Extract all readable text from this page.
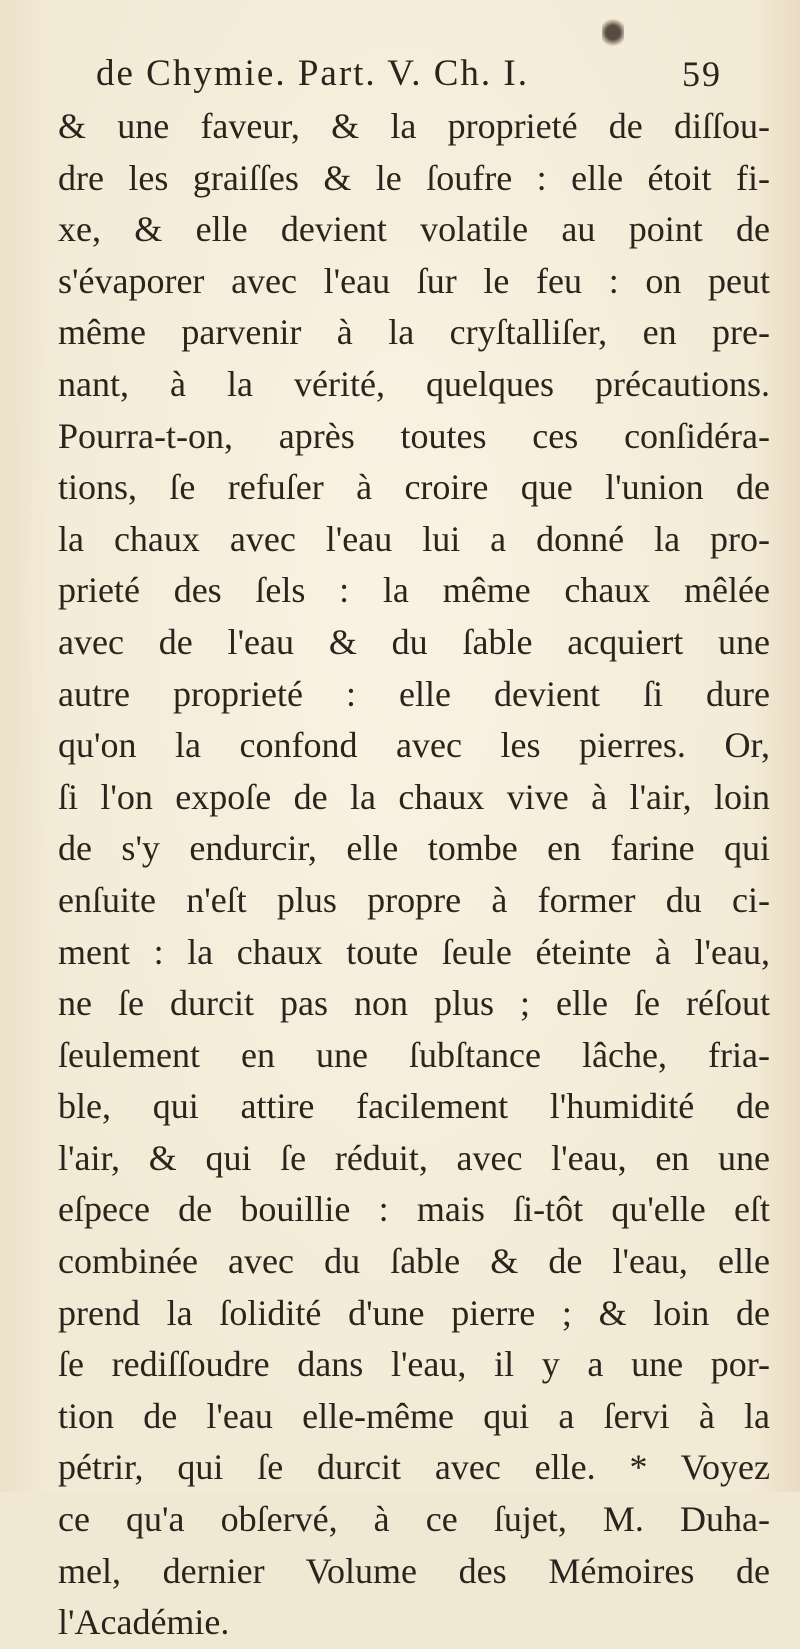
de Chymie. Part. V. Ch. I.	59
& une faveur, & la proprieté de diſſou-
dre les graiſſes & le ſoufre : elle étoit fi-
xe, & elle devient volatile au point de
s'évaporer avec l'eau ſur le feu : on peut
même parvenir à la cryſtalliſer, en pre-
nant, à la vérité, quelques précautions.
Pourra-t-on, après toutes ces conſidéra-
tions, ſe refuſer à croire que l'union de
la chaux avec l'eau lui a donné la pro-
prieté des ſels : la même chaux mêlée
avec de l'eau & du ſable acquiert une
autre proprieté : elle devient ſi dure
qu'on la confond avec les pierres. Or,
ſi l'on expoſe de la chaux vive à l'air, loin
de s'y endurcir, elle tombe en farine qui
enſuite n'eſt plus propre à former du ci-
ment : la chaux toute ſeule éteinte à l'eau,
ne ſe durcit pas non plus ; elle ſe réſout
ſeulement en une ſubſtance lâche, fria-
ble, qui attire facilement l'humidité de
l'air, & qui ſe réduit, avec l'eau, en une
eſpece de bouillie : mais ſi-tôt qu'elle eſt
combinée avec du ſable & de l'eau, elle
prend la ſolidité d'une pierre ; & loin de
ſe rediſſoudre dans l'eau, il y a une por-
tion de l'eau elle-même qui a ſervi à la
pétrir, qui ſe durcit avec elle. * Voyez
ce qu'a obſervé, à ce ſujet, M. Duha-
mel, dernier Volume des Mémoires de
l'Académie.
